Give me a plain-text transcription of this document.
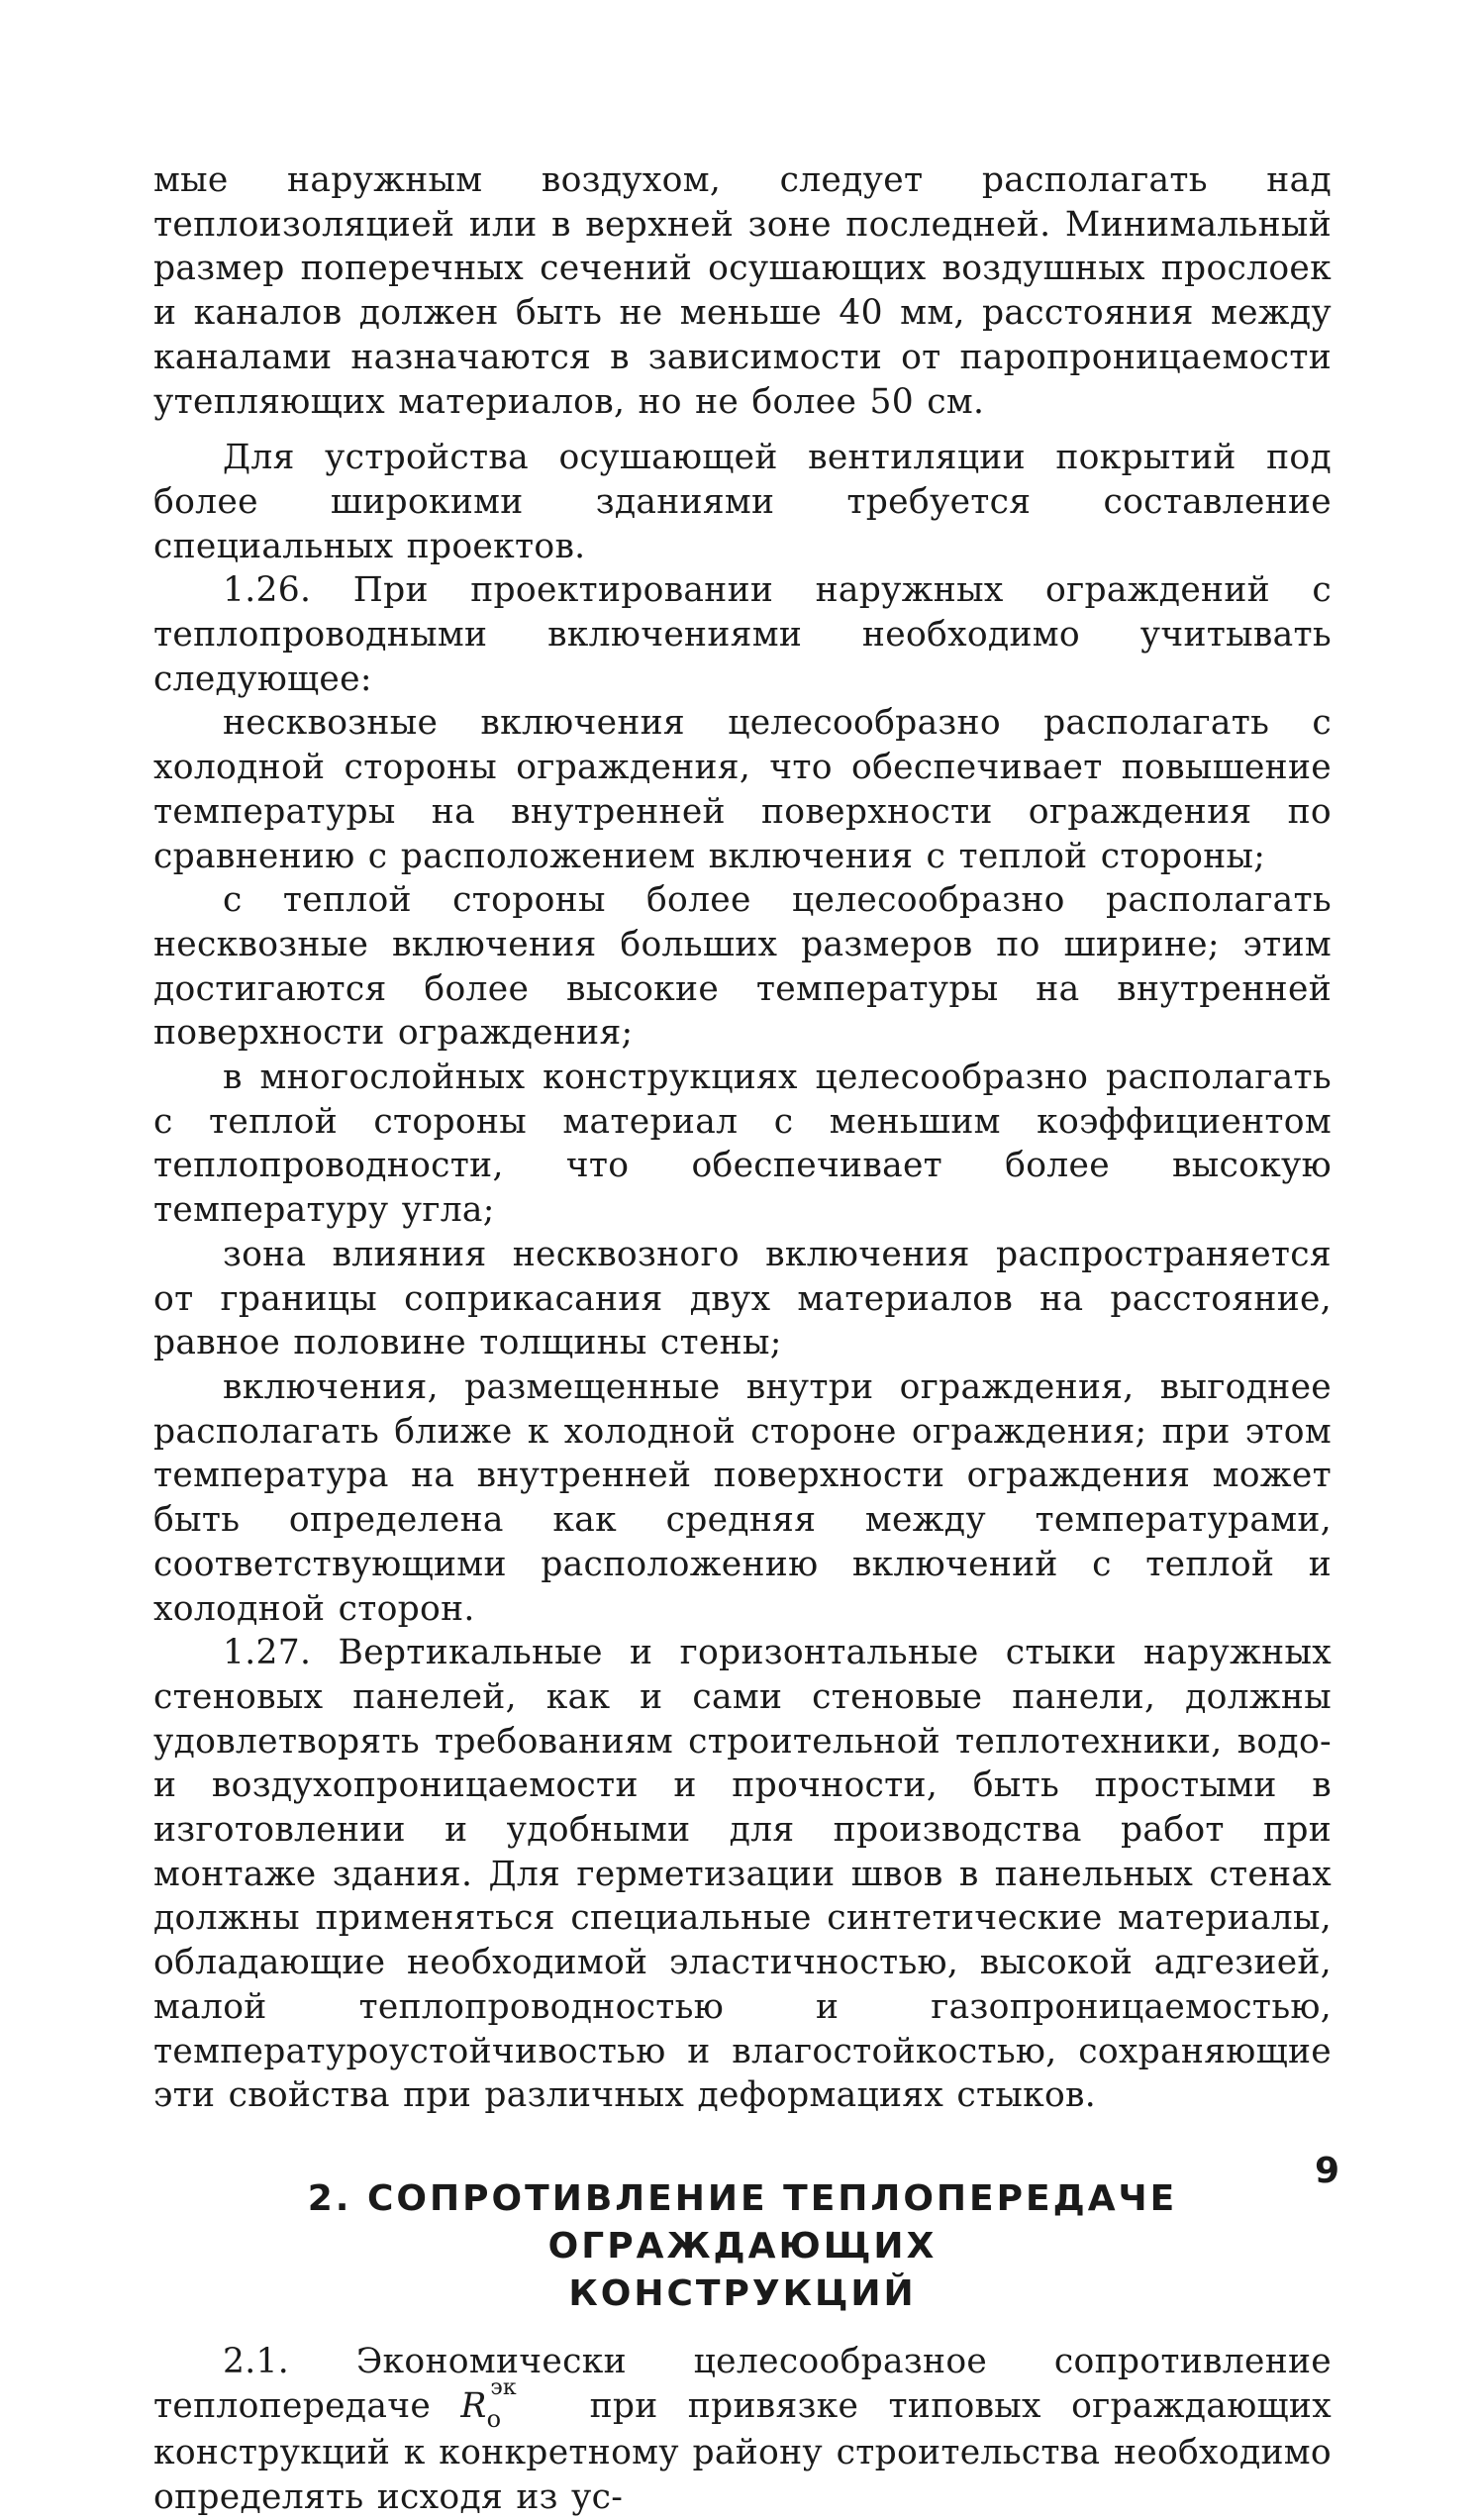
мые наружным воздухом, следует располагать над теплоизоляцией или в верхней зоне последней. Минимальный размер поперечных сечений осушающих воздушных прослоек и каналов должен быть не меньше 40 мм, расстояния между каналами назначаются в зависимости от паропроницаемости утепляющих материалов, но не более 50 см.

Для устройства осушающей вентиляции покрытий под более широкими зданиями требуется составление специальных проектов.

1.26. При проектировании наружных ограждений с теплопроводными включениями необходимо учитывать следующее:

несквозные включения целесообразно располагать с холодной стороны ограждения, что обеспечивает повышение температуры на внутренней поверхности ограждения по сравнению с расположением включения с теплой стороны;

с теплой стороны более целесообразно располагать несквозные включения больших размеров по ширине; этим достигаются более высокие температуры на внутренней поверхности ограждения;

в многослойных конструкциях целесообразно располагать с теплой стороны материал с меньшим коэффициентом теплопроводности, что обеспечивает более высокую температуру угла;

зона влияния несквозного включения распространяется от границы соприкасания двух материалов на расстояние, равное половине толщины стены;

включения, размещенные внутри ограждения, выгоднее располагать ближе к холодной стороне ограждения; при этом температура на внутренней поверхности ограждения может быть определена как средняя между температурами, соответствующими расположению включений с теплой и холодной сторон.

1.27. Вертикальные и горизонтальные стыки наружных стеновых панелей, как и сами стеновые панели, должны удовлетворять требованиям строительной теплотехники, водо- и воздухопроницаемости и прочности, быть простыми в изготовлении и удобными для производства работ при монтаже здания. Для герметизации швов в панельных стенах должны применяться специальные синтетические материалы, обладающие необходимой эластичностью, высокой адгезией, малой теплопроводностью и газопроницаемостью, температуроустойчивостью и влагостойкостью, сохраняющие эти свойства при различных деформациях стыков.

2. СОПРОТИВЛЕНИЕ ТЕПЛОПЕРЕДАЧЕ ОГРАЖДАЮЩИХ
КОНСТРУКЦИЙ

2.1. Экономически целесообразное сопротивление теплопередаче $R_о$
эк при привязке типовых ограждающих конструкций к конкретному району строительства необходимо определять исходя из ус-

9
